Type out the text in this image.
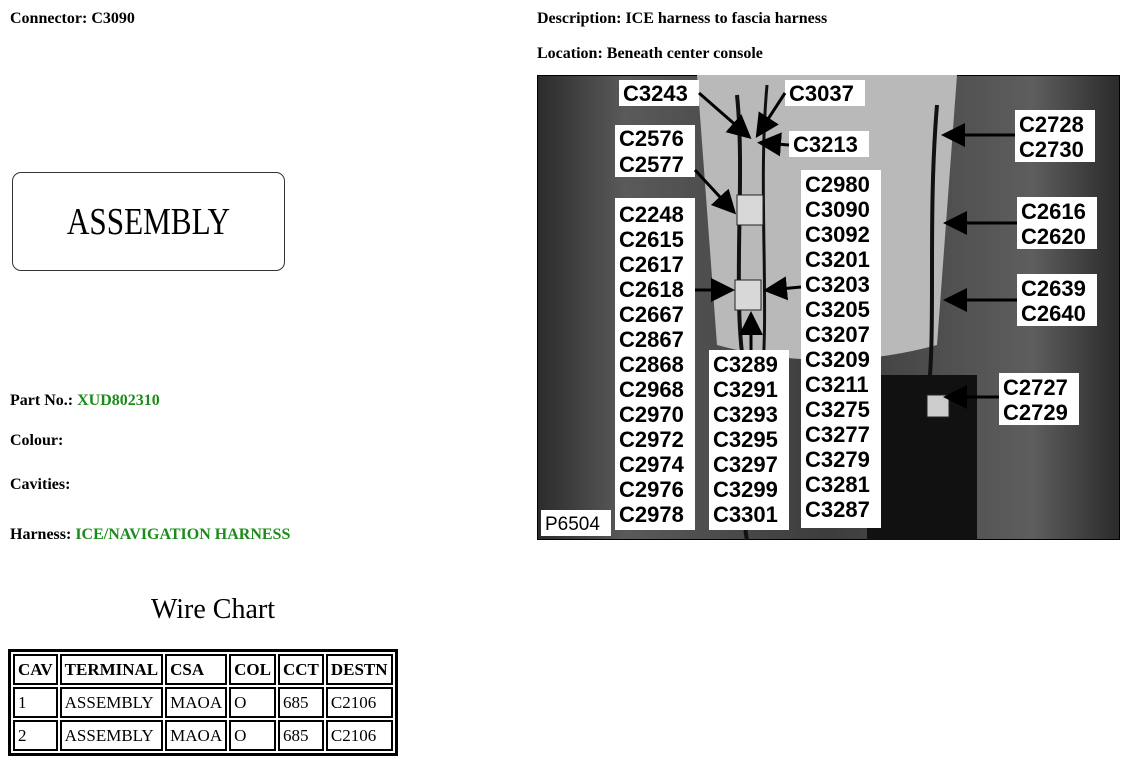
Connector: C3090	Description: ICE harness to fascia harness
Location: Beneath center console
ASSEMBLY
Part No.: XUD802310
Colour:
Cavities:
Harness: ICE/NAVIGATION HARNESS
Wire Chart
CAV	TERMINAL	CSA	COL	CCT	DESTN
1	ASSEMBLY	MAOA	O	685	C2106
2	ASSEMBLY	MAOA	O	685	C2106
C3243	C3037
C3213
C2576
C2577
C2248
C2615
C2617
C2618
C2667
C2867
C2868
C2968
C2970
C2972
C2974
C2976
C2978
C2980
C3090
C3092
C3201
C3203
C3205
C3207
C3209
C3211
C3275
C3277
C3279
C3281
C3287
C3289
C3291
C3293
C3295
C3297
C3299
C3301
C2728
C2730
C2616
C2620
C2639
C2640
C2727
C2729
P6504
